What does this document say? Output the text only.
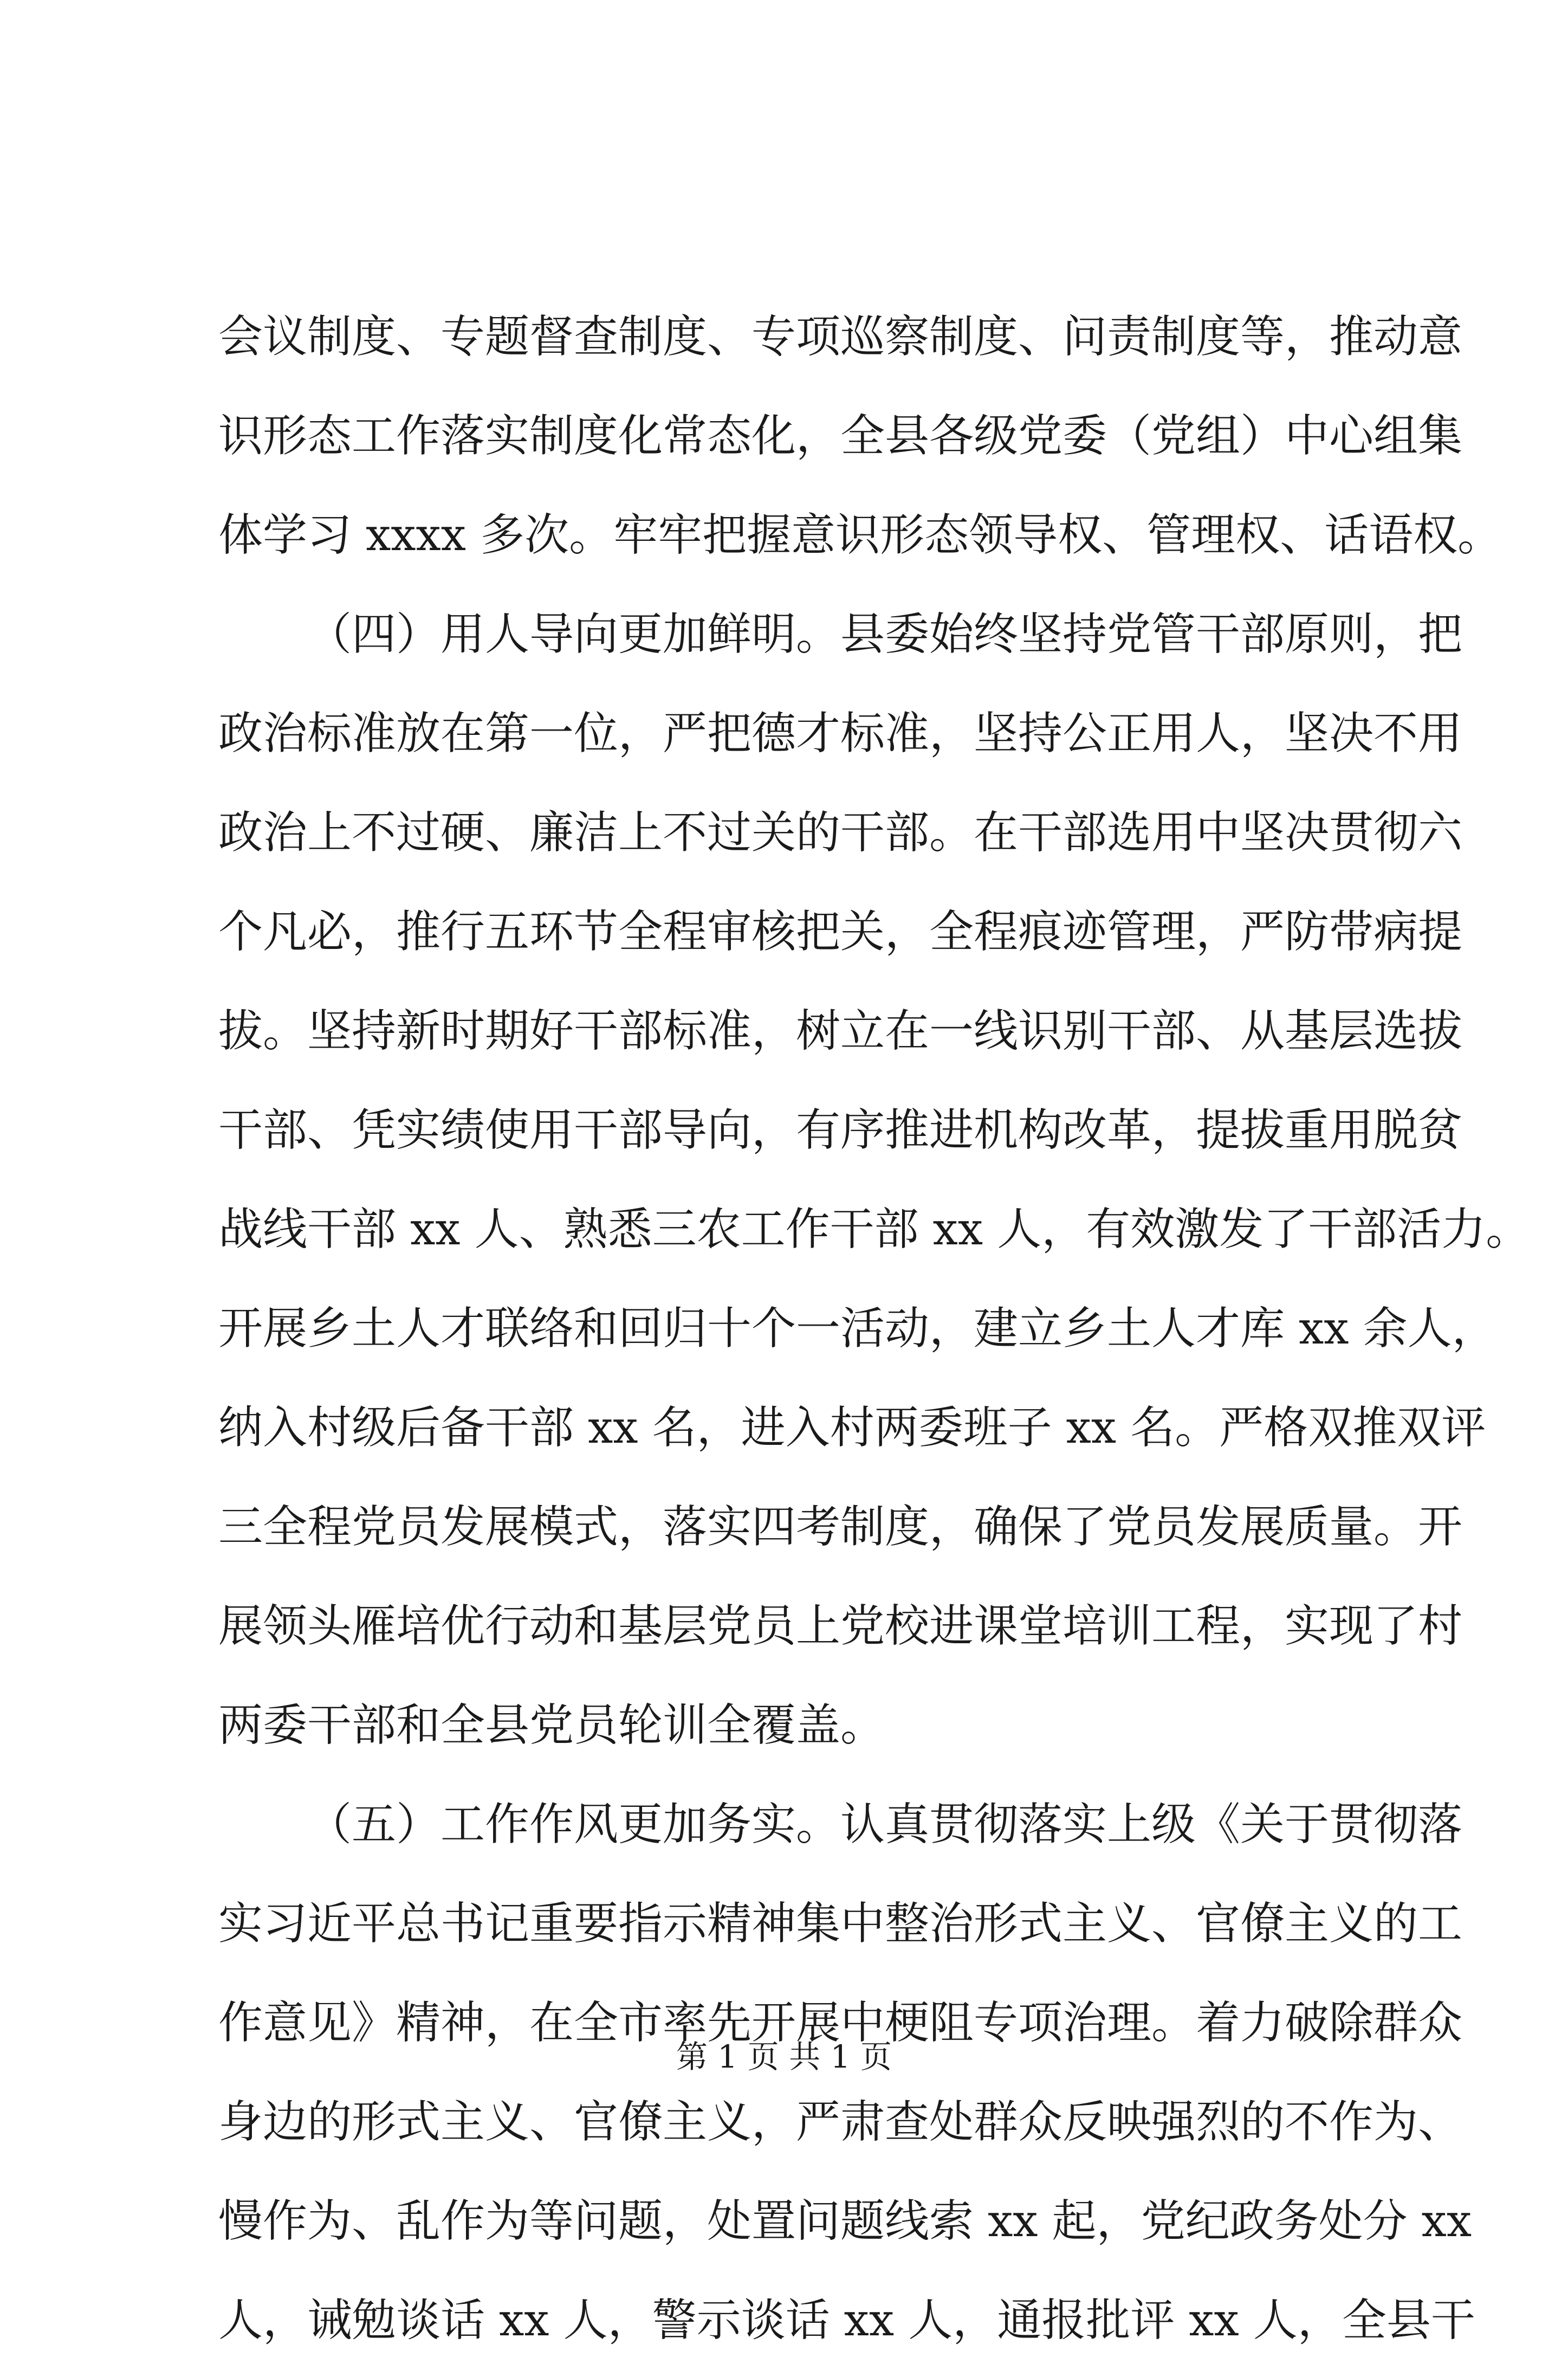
会议制度、专题督查制度、专项巡察制度、问责制度等，推动意
识形态工作落实制度化常态化，全县各级党委（党组）中心组集
体学习 xxxx 多次。牢牢把握意识形态领导权、管理权、话语权。
（四）用人导向更加鲜明。县委始终坚持党管干部原则，把
政治标准放在第一位，严把德才标准，坚持公正用人，坚决不用
政治上不过硬、廉洁上不过关的干部。在干部选用中坚决贯彻六
个凡必，推行五环节全程审核把关，全程痕迹管理，严防带病提
拔。坚持新时期好干部标准，树立在一线识别干部、从基层选拔
干部、凭实绩使用干部导向，有序推进机构改革，提拔重用脱贫
战线干部 xx 人、熟悉三农工作干部 xx 人，有效激发了干部活力。
开展乡土人才联络和回归十个一活动，建立乡土人才库 xx 余人，
纳入村级后备干部 xx 名，进入村两委班子 xx 名。严格双推双评
三全程党员发展模式，落实四考制度，确保了党员发展质量。开
展领头雁培优行动和基层党员上党校进课堂培训工程，实现了村
两委干部和全县党员轮训全覆盖。
（五）工作作风更加务实。认真贯彻落实上级《关于贯彻落
实习近平总书记重要指示精神集中整治形式主义、官僚主义的工
作意见》精神，在全市率先开展中梗阻专项治理。着力破除群众
身边的形式主义、官僚主义，严肃查处群众反映强烈的不作为、
慢作为、乱作为等问题，处置问题线索 xx 起，党纪政务处分 xx
人，诫勉谈话 xx 人，警示谈话 xx 人，通报批评 xx 人，全县干
第 1 页 共 1 页
